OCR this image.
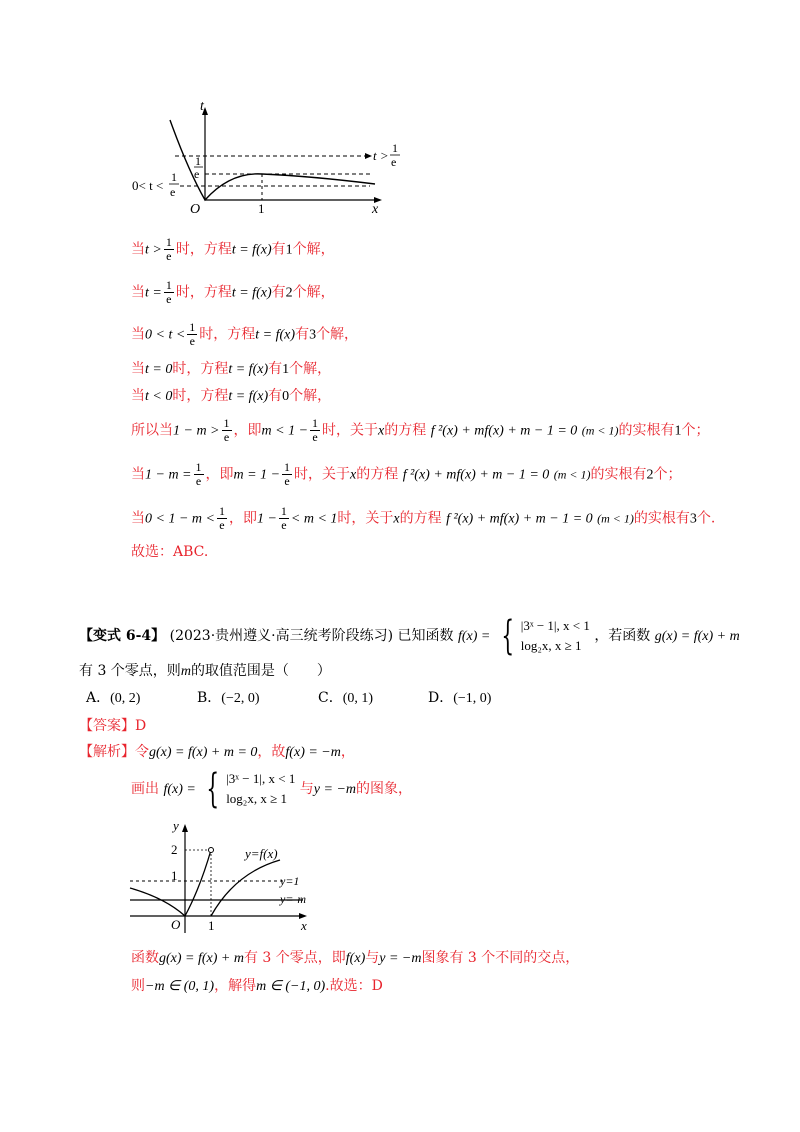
t
x
O	1
1
e
t > 1
e
0< t <
1
e
当$t > \frac{1}{e}$ 时，方程t = f(x)有1个解，
当$t = \frac{1}{e}$ 时，方程t = f(x)有2个解，
当$0 < t < \frac{1}{e}$ 时，方程t = f(x)有3个解，
当t = 0时，方程t = f(x)有1个解，
当t < 0时，方程t = f(x)有0个解，
所以当$1 - m > \frac{1}{e}$ ，即$m < 1 - \frac{1}{e}$ 时，关于x的方程 f ²(x) + mf(x) + m − 1 = 0 (m < 1)的实根有1个；
当$1 - m = \frac{1}{e}$ ，即$m = 1 - \frac{1}{e}$ 时，关于x的方程 f ²(x) + mf(x) + m − 1 = 0 (m < 1)的实根有2个；
当$0 < 1 - m < \frac{1}{e}$ ，即$1 - \frac{1}{e} < m < 1$时，关于x的方程 f ²(x) + mf(x) + m − 1 = 0 (m < 1)的实根有3个.
故选：ABC.
【变式 6-4】 (2023·贵州遵义·高三统考阶段练习) 已知函数 f(x) = { |3ˣ − 1|, x < 1
log₂x, x ≥ 1 ，若函数 g(x) = f(x) + m
有 3 个零点，则m的取值范围是（　　）
A．(0, 2)	B．(−2, 0)	C．(0, 1)	D．(−1, 0)
【答案】D
【解析】令g(x) = f(x) + m = 0，故f(x) = −m，
画出 f(x) = { |3ˣ − 1|, x < 1
log₂x, x ≥ 1 与y = −m的图象，
y
x
O
2
1
1
y=f(x)
y=1
y=-m
函数g(x) = f(x) + m有 3 个零点，即f(x)与y = −m图象有 3 个不同的交点，
则−m ∈ (0, 1)，解得m ∈ (−1, 0).故选：D
